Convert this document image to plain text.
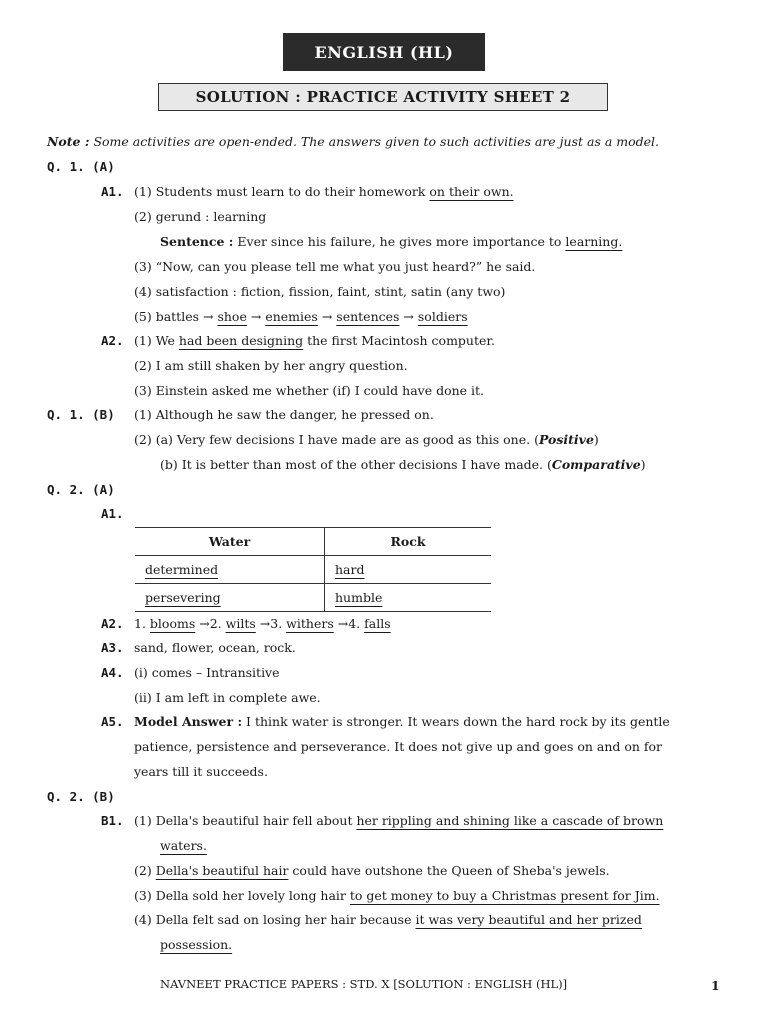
ENGLISH (HL)
SOLUTION : PRACTICE ACTIVITY SHEET 2
Note : Some activities are open-ended. The answers given to such activities are just as a model.
Q. 1. (A)
A1. (1) Students must learn to do their homework on their own.
(2) gerund : learning
Sentence : Ever since his failure, he gives more importance to learning.
(3) “Now, can you please tell me what you just heard?” he said.
(4) satisfaction : fiction, fission, faint, stint, satin (any two)
(5) battles → shoe → enemies → sentences → soldiers
A2. (1) We had been designing the first Macintosh computer.
(2) I am still shaken by her angry question.
(3) Einstein asked me whether (if) I could have done it.
Q. 1. (B) (1) Although he saw the danger, he pressed on.
(2) (a) Very few decisions I have made are as good as this one. (Positive)
(b) It is better than most of the other decisions I have made. (Comparative)
Q. 2. (A)
A1.
Water	Rock
determined	hard
persevering	humble
A2. 1. blooms →2. wilts →3. withers →4. falls
A3. sand, flower, ocean, rock.
A4. (i) comes – Intransitive
(ii) I am left in complete awe.
A5. Model Answer : I think water is stronger. It wears down the hard rock by its gentle
patience, persistence and perseverance. It does not give up and goes on and on for
years till it succeeds.
Q. 2. (B)
B1. (1) Della's beautiful hair fell about her rippling and shining like a cascade of brown
waters.
(2) Della's beautiful hair could have outshone the Queen of Sheba's jewels.
(3) Della sold her lovely long hair to get money to buy a Christmas present for Jim.
(4) Della felt sad on losing her hair because it was very beautiful and her prized
possession.
NAVNEET PRACTICE PAPERS : STD. X [SOLUTION : ENGLISH (HL)]	1
